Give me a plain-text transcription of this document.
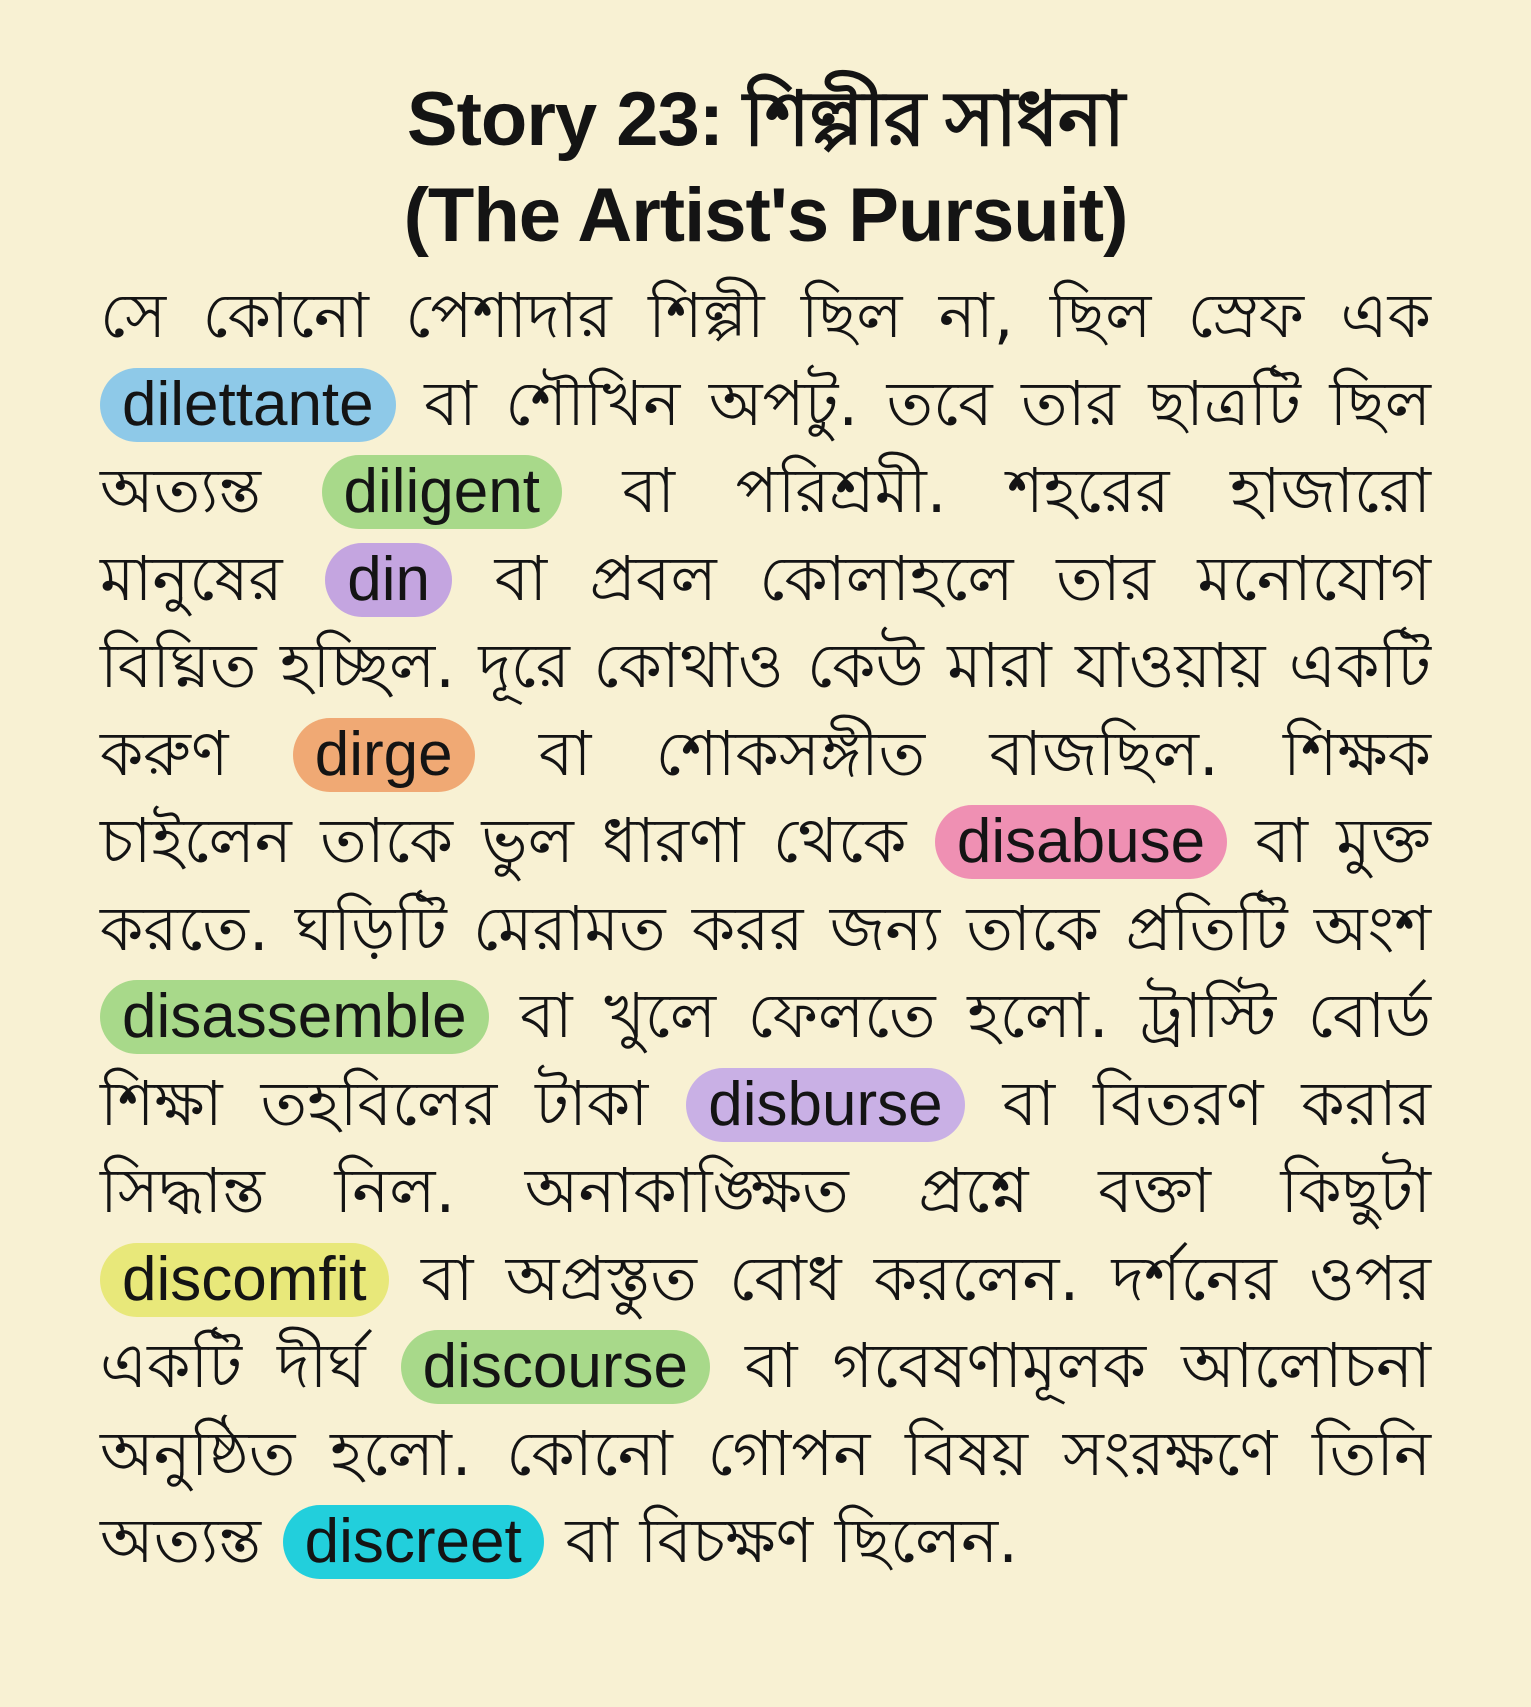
Story 23: শিল্পীর সাধনা
(The Artist's Pursuit)

সে কোনো পেশাদার শিল্পী ছিল না, ছিল স্রেফ এক dilettante বা শৌখিন অপটু. তবে তার ছাত্রটি ছিল অত্যন্ত diligent বা পরিশ্রমী. শহরের হাজারো মানুষের din বা প্রবল কোলাহলে তার মনোযোগ বিঘ্নিত হচ্ছিল. দূরে কোথাও কেউ মারা যাওয়ায় একটি করুণ dirge বা শোকসঙ্গীত বাজছিল. শিক্ষক চাইলেন তাকে ভুল ধারণা থেকে disabuse বা মুক্ত করতে. ঘড়িটি মেরামত করর জন্য তাকে প্রতিটি অংশ disassemble বা খুলে ফেলতে হলো. ট্রাস্টি বোর্ড শিক্ষা তহবিলের টাকা disburse বা বিতরণ করার সিদ্ধান্ত নিল. অনাকাঙ্ক্ষিত প্রশ্নে বক্তা কিছুটা discomfit বা অপ্রস্তুত বোধ করলেন. দর্শনের ওপর একটি দীর্ঘ discourse বা গবেষণামূলক আলোচনা অনুষ্ঠিত হলো. কোনো গোপন বিষয় সংরক্ষণে তিনি অত্যন্ত discreet বা বিচক্ষণ ছিলেন.
